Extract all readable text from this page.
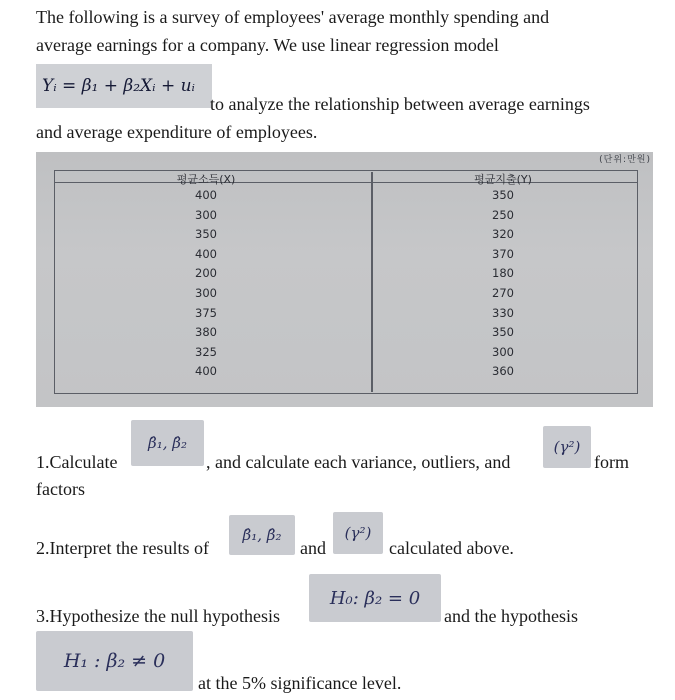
The following is a survey of employees' average monthly spending and
average earnings for a company. We use linear regression model
Yᵢ = β₁ + β₂Xᵢ + uᵢ
to analyze the relationship between average earnings
and average expenditure of employees.
(단위:만원)
평균소득(X)
400
300
350
400
200
300
375
380
325
400
평균지출(Y)
350
250
320
370
180
270
330
350
300
360
1.Calculate
β̂₁, β̂₂
, and calculate each variance, outliers, and
(γ²)
form
factors
2.Interpret the results of
β̂₁, β̂₂
and
(γ²)
calculated above.
3.Hypothesize the null hypothesis
H₀: β₂ = 0
and the hypothesis
H₁ : β₂ ≠ 0
at the 5% significance level.
